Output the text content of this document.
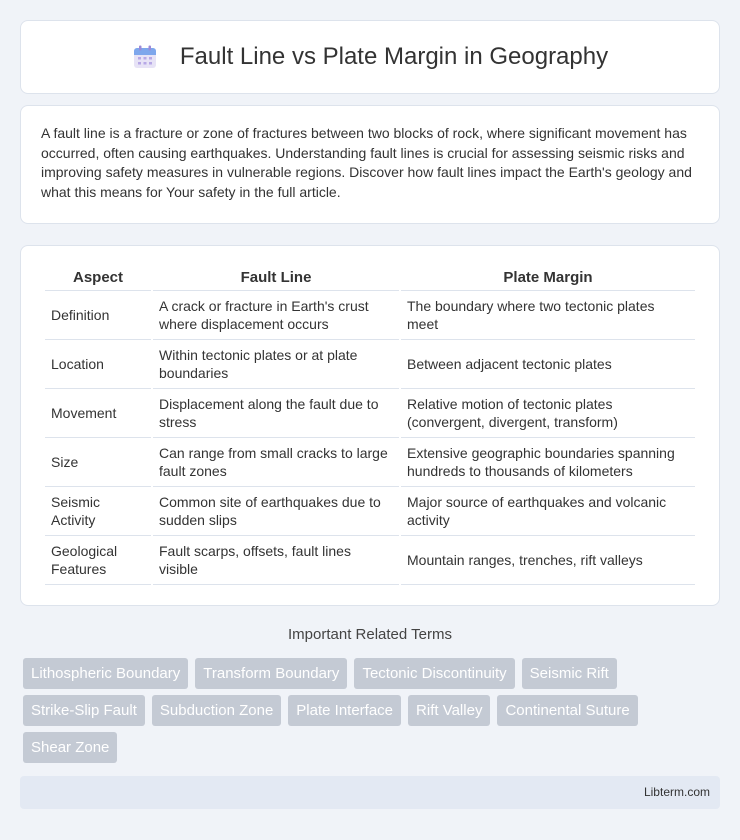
Fault Line vs Plate Margin in Geography

A fault line is a fracture or zone of fractures between two blocks of rock, where significant movement has occurred, often causing earthquakes. Understanding fault lines is crucial for assessing seismic risks and improving safety measures in vulnerable regions. Discover how fault lines impact the Earth's geology and what this means for Your safety in the full article.

Aspect	Fault Line	Plate Margin
Definition	A crack or fracture in Earth's crust where displacement occurs	The boundary where two tectonic plates meet
Location	Within tectonic plates or at plate boundaries	Between adjacent tectonic plates
Movement	Displacement along the fault due to stress	Relative motion of tectonic plates (convergent, divergent, transform)
Size	Can range from small cracks to large fault zones	Extensive geographic boundaries spanning hundreds to thousands of kilometers
Seismic Activity	Common site of earthquakes due to sudden slips	Major source of earthquakes and volcanic activity
Geological Features	Fault scarps, offsets, fault lines visible	Mountain ranges, trenches, rift valleys
Important Related Terms
Lithospheric Boundary	Transform Boundary	Tectonic Discontinuity	Seismic Rift
Strike-Slip Fault	Subduction Zone	Plate Interface	Rift Valley	Continental Suture
Shear Zone
Libterm.com
